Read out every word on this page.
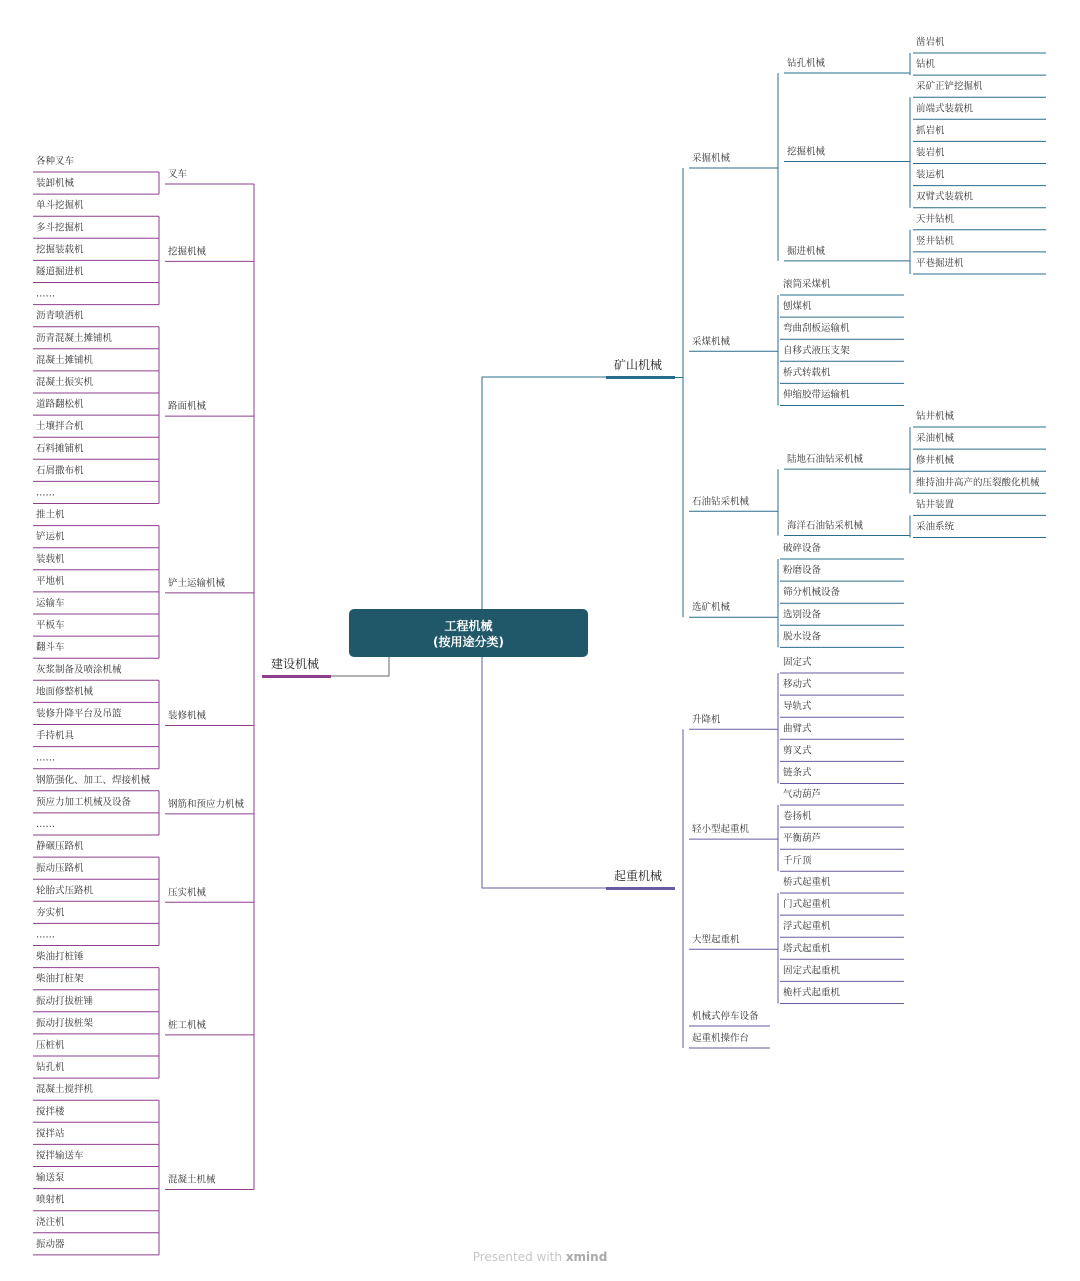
工程机械
(按用途分类)
矿山机械
凿岩机
钻机
采矿正铲挖掘机
前端式装载机
抓岩机
装岩机
装运机
双臂式装载机
天井钻机
竖井钻机
平巷掘进机
钻孔机械
挖掘机械
掘进机械
采掘机械
滚筒采煤机
刨煤机
弯曲刮板运输机
自移式液压支架
桥式转载机
伸缩胶带运输机
采煤机械
钻井机械
采油机械
修井机械
维持油井高产的压裂酸化机械
钻井装置
采油系统
陆地石油钻采机械
海洋石油钻采机械
石油钻采机械
破碎设备
粉磨设备
筛分机械设备
选别设备
脱水设备
选矿机械
起重机械
固定式
移动式
导轨式
曲臂式
剪叉式
链条式
升降机
气动葫芦
卷扬机
平衡葫芦
千斤顶
轻小型起重机
桥式起重机
门式起重机
浮式起重机
塔式起重机
固定式起重机
桅杆式起重机
大型起重机
机械式停车设备
起重机操作台
建设机械
各种叉车
装卸机械
叉车
单斗挖掘机
多斗挖掘机
挖掘装载机
隧道掘进机
……
挖掘机械
沥青喷洒机
沥青混凝土摊铺机
混凝土摊铺机
混凝土振实机
道路翻松机
土壤拌合机
石料摊铺机
石屑撒布机
……
路面机械
推土机
铲运机
装载机
平地机
运输车
平板车
翻斗车
铲土运输机械
灰浆制备及喷涂机械
地面修整机械
装修升降平台及吊篮
手持机具
……
装修机械
钢筋强化、加工、焊接机械
预应力加工机械及设备
……
钢筋和预应力机械
静碾压路机
振动压路机
轮胎式压路机
夯实机
……
压实机械
柴油打桩锤
柴油打桩架
振动打拔桩锤
振动打拔桩架
压桩机
钻孔机
桩工机械
混凝土搅拌机
搅拌楼
搅拌站
搅拌输送车
输送泵
喷射机
浇注机
振动器
混凝土机械
Presented with xmind
